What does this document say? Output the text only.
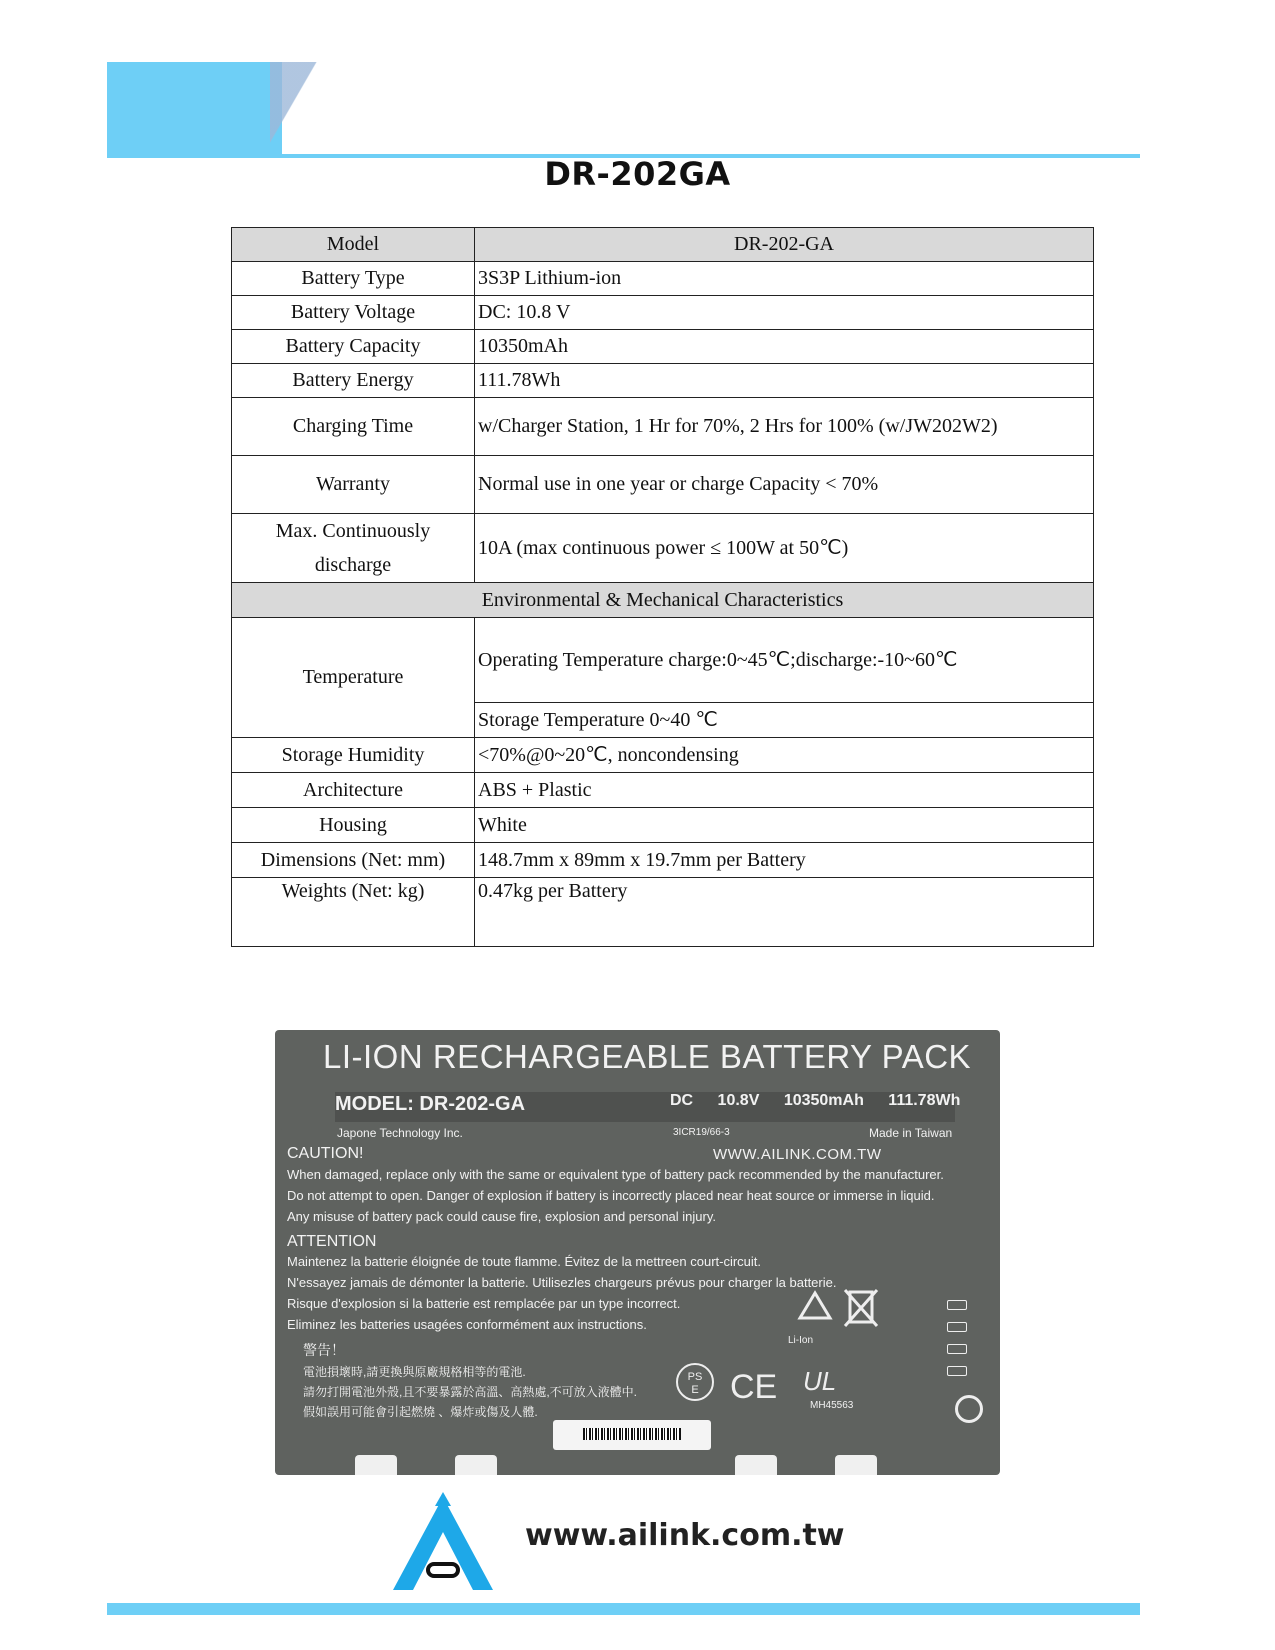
DR-202GA
Model	DR-202-GA
Battery Type	3S3P Lithium-ion
Battery Voltage	DC: 10.8 V
Battery Capacity	10350mAh
Battery Energy	111.78Wh
Charging Time	w/Charger Station, 1 Hr for 70%, 2 Hrs for 100% (w/JW202W2)
Warranty	Normal use in one year or charge Capacity < 70%
Max. Continuously
discharge	10A (max continuous power ≤ 100W at 50℃)
Environmental & Mechanical Characteristics	
Temperature	Operating Temperature charge:0~45℃;discharge:-10~60℃
	Storage Temperature 0~40 ℃
Storage Humidity	<70%@0~20℃, noncondensing
Architecture	ABS + Plastic
Housing	White
Dimensions (Net: mm)	148.7mm x 89mm x 19.7mm per Battery
Weights (Net: kg)	0.47kg per Battery
LI-ION RECHARGEABLE BATTERY PACK
MODEL: DR-202-GA	DC 10.8V 10350mAh 111.78Wh
Japone Technology Inc.	3ICR19/66-3	Made in Taiwan
CAUTION!	WWW.AILINK.COM.TW
When damaged, replace only with the same or equivalent type of battery pack recommended by the manufacturer.
Do not attempt to open. Danger of explosion if battery is incorrectly placed near heat source or immerse in liquid.
Any misuse of battery pack could cause fire, explosion and personal injury.
ATTENTION
Maintenez la batterie éloignée de toute flamme. Évitez de la mettreen court-circuit.
N'essayez jamais de démonter la batterie. Utilisezles chargeurs prévus pour charger la batterie.
Risque d'explosion si la batterie est remplacée par un type incorrect.
Eliminez les batteries usagées conformément aux instructions.
警告！
電池損壞時,請更換與原廠規格相等的電池.
請勿打開電池外殼,且不要暴露於高溫、高熱處,不可放入液體中.
假如誤用可能會引起燃燒 、爆炸或傷及人體.
Li-Ion
PS
E CE UL
MH45563
www.ailink.com.tw
